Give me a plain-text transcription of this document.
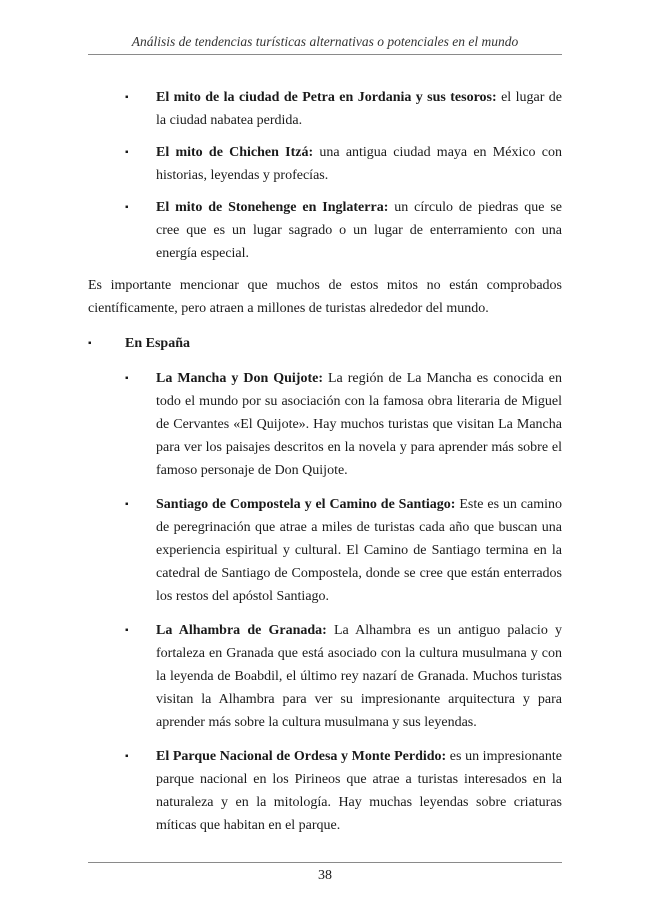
Análisis de tendencias turísticas alternativas o potenciales en el mundo
▪ El mito de la ciudad de Petra en Jordania y sus tesoros: el lugar de la ciudad nabatea perdida.
▪ El mito de Chichen Itzá: una antigua ciudad maya en México con historias, leyendas y profecías.
▪ El mito de Stonehenge en Inglaterra: un círculo de piedras que se cree que es un lugar sagrado o un lugar de enterramiento con una energía especial.

Es importante mencionar que muchos de estos mitos no están comprobados científicamente, pero atraen a millones de turistas alrededor del mundo.

▪ En España
▪ La Mancha y Don Quijote: La región de La Mancha es conocida en todo el mundo por su asociación con la famosa obra literaria de Miguel de Cervantes «El Quijote». Hay muchos turistas que visitan La Mancha para ver los paisajes descritos en la novela y para aprender más sobre el famoso personaje de Don Quijote.
▪ Santiago de Compostela y el Camino de Santiago: Este es un camino de peregrinación que atrae a miles de turistas cada año que buscan una experiencia espiritual y cultural. El Camino de Santiago termina en la catedral de Santiago de Compostela, donde se cree que están enterrados los restos del apóstol Santiago.
▪ La Alhambra de Granada: La Alhambra es un antiguo palacio y fortaleza en Granada que está asociado con la cultura musulmana y con la leyenda de Boabdil, el último rey nazarí de Granada. Muchos turistas visitan la Alhambra para ver su impresionante arquitectura y para aprender más sobre la cultura musulmana y sus leyendas.
▪ El Parque Nacional de Ordesa y Monte Perdido: es un impresionante parque nacional en los Pirineos que atrae a turistas interesados en la naturaleza y en la mitología. Hay muchas leyendas sobre criaturas míticas que habitan en el parque.
38
